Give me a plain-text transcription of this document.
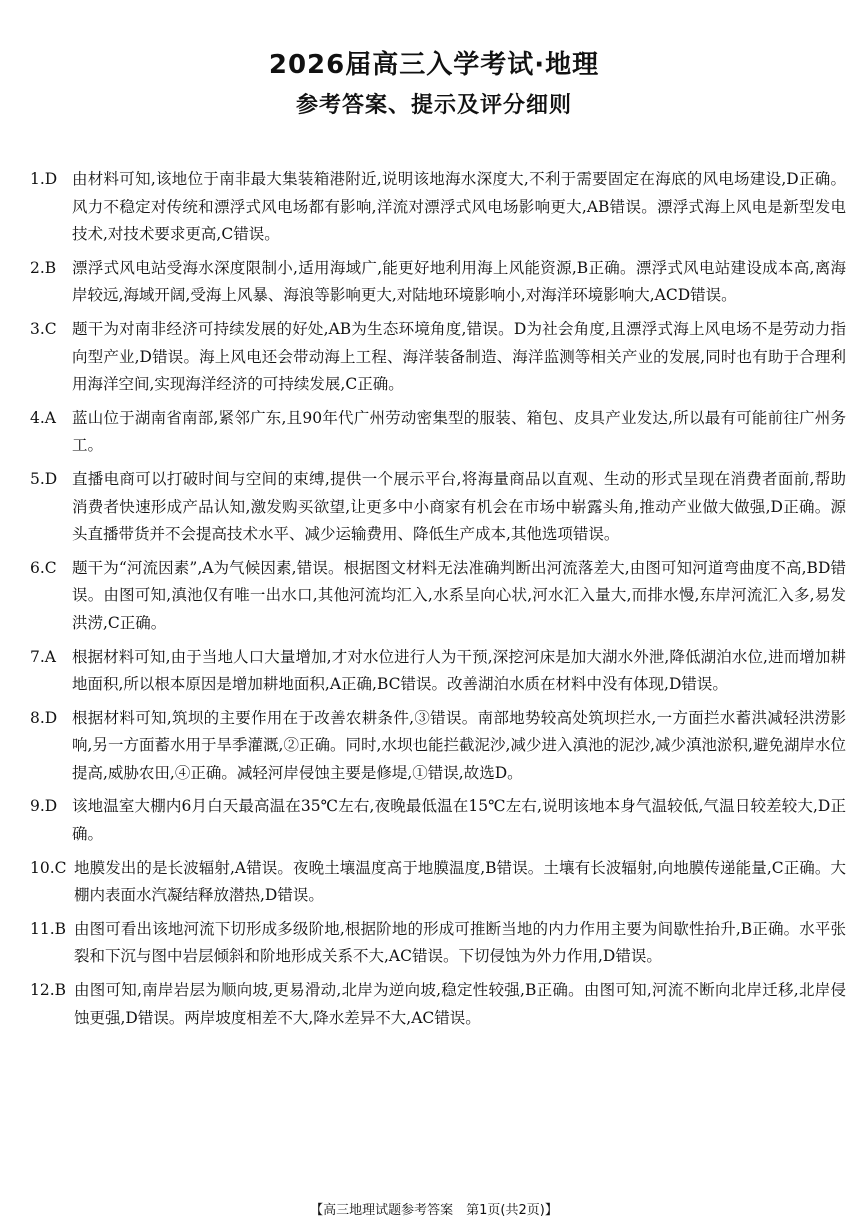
2026届高三入学考试·地理
参考答案、提示及评分细则
1.D 由材料可知,该地位于南非最大集装箱港附近,说明该地海水深度大,不利于需要固定在海底的风电场建设,D正确。风力不稳定对传统和漂浮式风电场都有影响,洋流对漂浮式风电场影响更大,AB错误。漂浮式海上风电是新型发电技术,对技术要求更高,C错误。
2.B	漂浮式风电站受海水深度限制小,适用海域广,能更好地利用海上风能资源,B正确。漂浮式风电站建设成本高,离海岸较远,海域开阔,受海上风暴、海浪等影响更大,对陆地环境影响小,对海洋环境影响大,ACD错误。
3.C 题干为对南非经济可持续发展的好处,AB为生态环境角度,错误。D为社会角度,且漂浮式海上风电场不是劳动力指向型产业,D错误。海上风电还会带动海上工程、海洋装备制造、海洋监测等相关产业的发展,同时也有助于合理利用海洋空间,实现海洋经济的可持续发展,C正确。
4.A	蓝山位于湖南省南部,紧邻广东,且90年代广州劳动密集型的服装、箱包、皮具产业发达,所以最有可能前往广州务工。
5.D 直播电商可以打破时间与空间的束缚,提供一个展示平台,将海量商品以直观、生动的形式呈现在消费者面前,帮助消费者快速形成产品认知,激发购买欲望,让更多中小商家有机会在市场中崭露头角,推动产业做大做强,D正确。源头直播带货并不会提高技术水平、减少运输费用、降低生产成本,其他选项错误。
6.C 题干为“河流因素”,A为气候因素,错误。根据图文材料无法准确判断出河流落差大,由图可知河道弯曲度不高,BD错误。由图可知,滇池仅有唯一出水口,其他河流均汇入,水系呈向心状,河水汇入量大,而排水慢,东岸河流汇入多,易发洪涝,C正确。
7.A	根据材料可知,由于当地人口大量增加,才对水位进行人为干预,深挖河床是加大湖水外泄,降低湖泊水位,进而增加耕地面积,所以根本原因是增加耕地面积,A正确,BC错误。改善湖泊水质在材料中没有体现,D错误。
8.D 根据材料可知,筑坝的主要作用在于改善农耕条件,③错误。南部地势较高处筑坝拦水,一方面拦水蓄洪减轻洪涝影响,另一方面蓄水用于旱季灌溉,②正确。同时,水坝也能拦截泥沙,减少进入滇池的泥沙,减少滇池淤积,避免湖岸水位提高,威胁农田,④正确。减轻河岸侵蚀主要是修堤,①错误,故选D。
9.D 该地温室大棚内6月白天最高温在35℃左右,夜晚最低温在15℃左右,说明该地本身气温较低,气温日较差较大,D正确。
10.C 地膜发出的是长波辐射,A错误。夜晚土壤温度高于地膜温度,B错误。土壤有长波辐射,向地膜传递能量,C正确。大棚内表面水汽凝结释放潜热,D错误。
11.B 由图可看出该地河流下切形成多级阶地,根据阶地的形成可推断当地的内力作用主要为间歇性抬升,B正确。水平张裂和下沉与图中岩层倾斜和阶地形成关系不大,AC错误。下切侵蚀为外力作用,D错误。
12.B 由图可知,南岸岩层为顺向坡,更易滑动,北岸为逆向坡,稳定性较强,B正确。由图可知,河流不断向北岸迁移,北岸侵蚀更强,D错误。两岸坡度相差不大,降水差异不大,AC错误。
【高三地理试题参考答案　第1页(共2页)】
